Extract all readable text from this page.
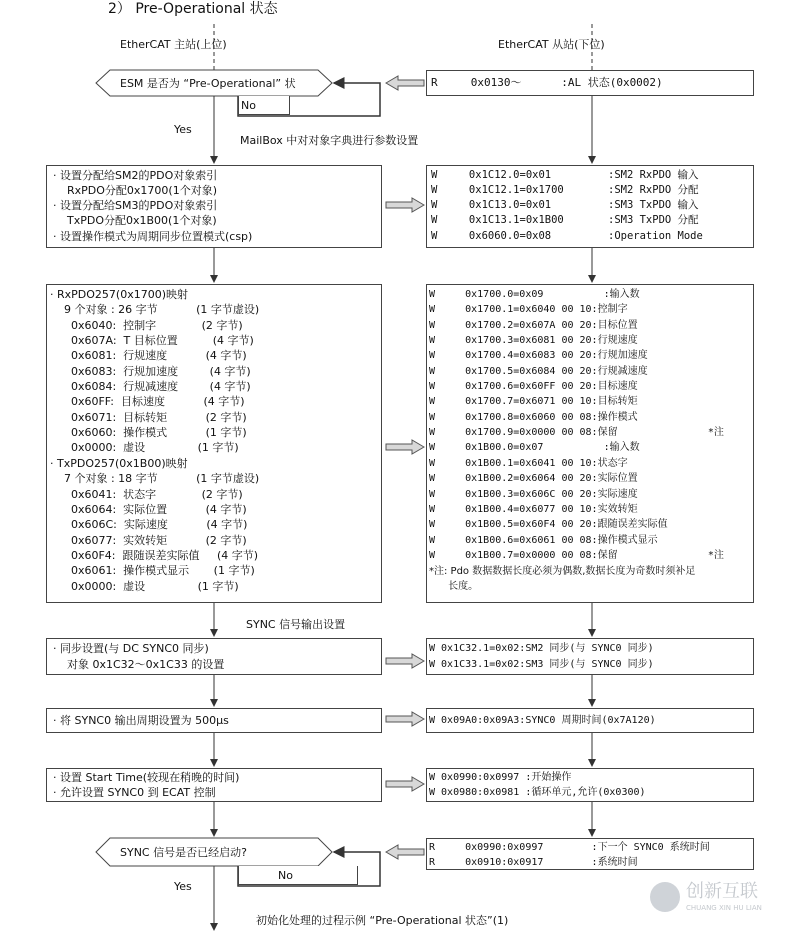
2） Pre-Operational 状态
EtherCAT 主站(上位)	EtherCAT 从站(下位)
ESM 是否为 “Pre-Operational” 状
No
Yes
R     0x0130～      :AL 状态(0x0002)
MailBox 中对对象字典进行参数设置
· 设置分配给SM2的PDO对象索引
RxPDO分配0x1700(1个对象)
· 设置分配给SM3的PDO对象索引
TxPDO分配0x1B00(1个对象)
· 设置操作模式为周期同步位置模式(csp)
W     0x1C12.0=0x01         :SM2 RxPDO 输入
W     0x1C12.1=0x1700       :SM2 RxPDO 分配
W     0x1C13.0=0x01         :SM3 TxPDO 输入
W     0x1C13.1=0x1B00       :SM3 TxPDO 分配
W     0x6060.0=0x08         :Operation Mode
· RxPDO257(0x1700)映射
9 个对象 : 26 字节           (1 字节虚设)
0x6040:  控制字             (2 字节)
0x607A:  T 目标位置          (4 字节)
0x6081:  行规速度           (4 字节)
0x6083:  行规加速度         (4 字节)
0x6084:  行规减速度         (4 字节)
0x60FF:  目标速度           (4 字节)
0x6071:  目标转矩           (2 字节)
0x6060:  操作模式           (1 字节)
0x0000:  虚设               (1 字节)
· TxPDO257(0x1B00)映射
7 个对象 : 18 字节           (1 字节虚设)
0x6041:  状态字             (2 字节)
0x6064:  实际位置           (4 字节)
0x606C:  实际速度           (4 字节)
0x6077:  实效转矩           (2 字节)
0x60F4:  跟随误差实际值     (4 字节)
0x6061:  操作模式显示       (1 字节)
0x0000:  虚设               (1 字节)
W     0x1700.0=0x09          :输入数
W     0x1700.1=0x6040 00 10:控制字
W     0x1700.2=0x607A 00 20:目标位置
W     0x1700.3=0x6081 00 20:行规速度
W     0x1700.4=0x6083 00 20:行规加速度
W     0x1700.5=0x6084 00 20:行规减速度
W     0x1700.6=0x60FF 00 20:目标速度
W     0x1700.7=0x6071 00 10:目标转矩
W     0x1700.8=0x6060 00 08:操作模式
W     0x1700.9=0x0000 00 08:保留               *注
W     0x1B00.0=0x07          :输入数
W     0x1B00.1=0x6041 00 10:状态字
W     0x1B00.2=0x6064 00 20:实际位置
W     0x1B00.3=0x606C 00 20:实际速度
W     0x1B00.4=0x6077 00 10:实效转矩
W     0x1B00.5=0x60F4 00 20:跟随误差实际值
W     0x1B00.6=0x6061 00 08:操作模式显示
W     0x1B00.7=0x0000 00 08:保留               *注
*注: Pdo 数据数据长度必须为偶数,数据长度为奇数时须补足
长度。
SYNC 信号输出设置
· 同步设置(与 DC SYNC0 同步)
对象 0x1C32～0x1C33 的设置
W 0x1C32.1=0x02:SM2 同步(与 SYNC0 同步)
W 0x1C33.1=0x02:SM3 同步(与 SYNC0 同步)
· 将 SYNC0 输出周期设置为 500μs	W 0x09A0:0x09A3:SYNC0 周期时间(0x7A120)
· 设置 Start Time(较现在稍晚的时间)
· 允许设置 SYNC0 到 ECAT 控制
W 0x0990:0x0997 :开始操作
W 0x0980:0x0981 :循环单元,允许(0x0300)
SYNC 信号是否已经启动?
No
Yes
R     0x0990:0x0997        :下一个 SYNC0 系统时间
R     0x0910:0x0917        :系统时间
初始化处理的过程示例 “Pre-Operational 状态”(1)
创新互联
CHUANG XIN HU LIAN
